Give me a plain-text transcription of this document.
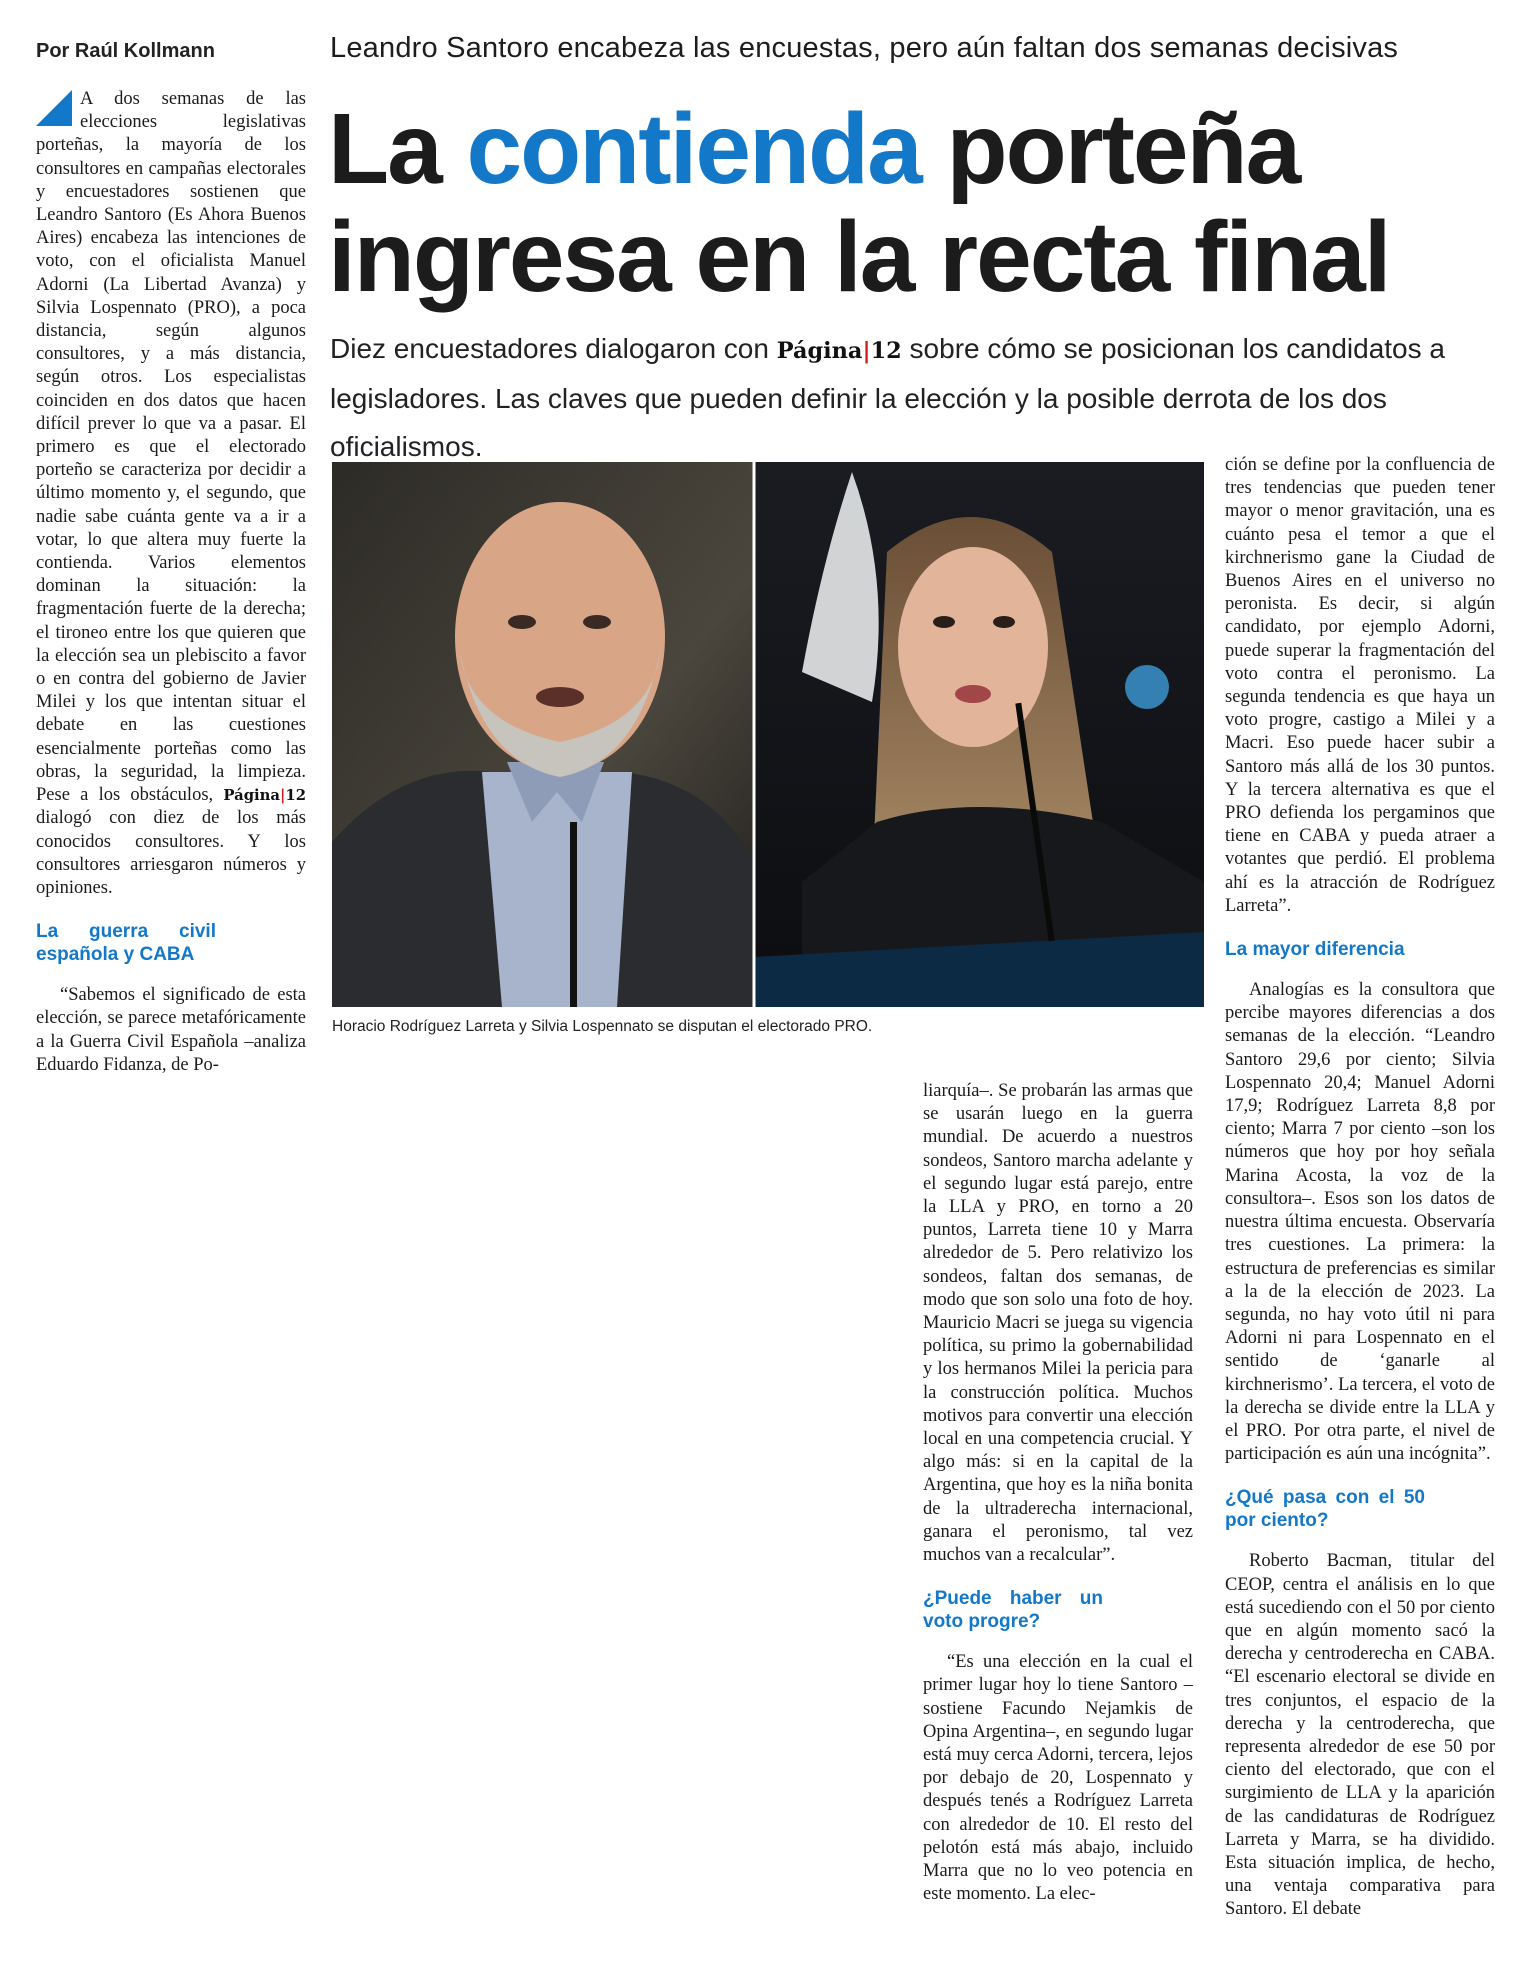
Por Raúl Kollmann	Leandro Santoro encabeza las encuestas, pero aún faltan dos semanas decisivas
La contienda porteña ingresa en la recta final
Diez encuestadores dialogaron con Página|12 sobre cómo se posicionan los candidatos a legisladores. Las claves que pueden definir la elección y la posible derrota de los dos oficialismos.

A dos semanas de las elecciones legislativas porteñas, la mayoría de los consultores en campañas electorales y encuestadores sostienen que Leandro Santoro (Es Ahora Buenos Aires) encabeza las intenciones de voto, con el oficialista Manuel Adorni (La Libertad Avanza) y Silvia Lospennato (PRO), a poca distancia, según algunos consultores, y a más distancia, según otros. Los especialistas coinciden en dos datos que hacen difícil prever lo que va a pasar. El primero es que el electorado porteño se caracteriza por decidir a último momento y, el segundo, que nadie sabe cuánta gente va a ir a votar, lo que altera muy fuerte la contienda. Varios elementos dominan la situación: la fragmentación fuerte de la derecha; el tironeo entre los que quieren que la elección sea un plebiscito a favor o en contra del gobierno de Javier Milei y los que intentan situar el debate en las cuestiones esencialmente porteñas como las obras, la seguridad, la limpieza. Pese a los obstáculos, Página|12 dialogó con diez de los más conocidos consultores. Y los consultores arriesgaron números y opiniones.

La guerra civil española y CABA

“Sabemos el significado de esta elección, se parece metafóricamente a la Guerra Civil Española –analiza Eduardo Fidanza, de Po-

Horacio Rodríguez Larreta y Silvia Lospennato se disputan el electorado PRO.

liarquía–. Se probarán las armas que se usarán luego en la guerra mundial. De acuerdo a nuestros sondeos, Santoro marcha adelante y el segundo lugar está parejo, entre la LLA y PRO, en torno a 20 puntos, Larreta tiene 10 y Marra alrededor de 5. Pero relativizo los sondeos, faltan dos semanas, de modo que son solo una foto de hoy. Mauricio Macri se juega su vigencia política, su primo la gobernabilidad y los hermanos Milei la pericia para la construcción política. Muchos motivos para convertir una elección local en una competencia crucial. Y algo más: si en la capital de la Argentina, que hoy es la niña bonita de la ultraderecha internacional, ganara el peronismo, tal vez muchos van a recalcular”.

¿Puede haber un voto progre?

“Es una elección en la cual el primer lugar hoy lo tiene Santoro –sostiene Facundo Nejamkis de Opina Argentina–, en segundo lugar está muy cerca Adorni, tercera, lejos por debajo de 20, Lospennato y después tenés a Rodríguez Larreta con alrededor de 10. El resto del pelotón está más abajo, incluido Marra que no lo veo potencia en este momento. La elec-

ción se define por la confluencia de tres tendencias que pueden tener mayor o menor gravitación, una es cuánto pesa el temor a que el kirchnerismo gane la Ciudad de Buenos Aires en el universo no peronista. Es decir, si algún candidato, por ejemplo Adorni, puede superar la fragmentación del voto contra el peronismo. La segunda tendencia es que haya un voto progre, castigo a Milei y a Macri. Eso puede hacer subir a Santoro más allá de los 30 puntos. Y la tercera alternativa es que el PRO defienda los pergaminos que tiene en CABA y pueda atraer a votantes que perdió. El problema ahí es la atracción de Rodríguez Larreta”.

La mayor diferencia

Analogías es la consultora que percibe mayores diferencias a dos semanas de la elección. “Leandro Santoro 29,6 por ciento; Silvia Lospennato 20,4; Manuel Adorni 17,9; Rodríguez Larreta 8,8 por ciento; Marra 7 por ciento –son los números que hoy por hoy señala Marina Acosta, la voz de la consultora–. Esos son los datos de nuestra última encuesta. Observaría tres cuestiones. La primera: la estructura de preferencias es similar a la de la elección de 2023. La segunda, no hay voto útil ni para Adorni ni para Lospennato en el sentido de ‘ganarle al kirchnerismo’. La tercera, el voto de la derecha se divide entre la LLA y el PRO. Por otra parte, el nivel de participación es aún una incógnita”.

¿Qué pasa con el 50 por ciento?

Roberto Bacman, titular del CEOP, centra el análisis en lo que está sucediendo con el 50 por ciento que en algún momento sacó la derecha y centroderecha en CABA. “El escenario electoral se divide en tres conjuntos, el espacio de la derecha y la centroderecha, que representa alrededor de ese 50 por ciento del electorado, que con el surgimiento de LLA y la aparición de las candidaturas de Rodríguez Larreta y Marra, se ha dividido. Esta situación implica, de hecho, una ventaja comparativa para Santoro. El debate
